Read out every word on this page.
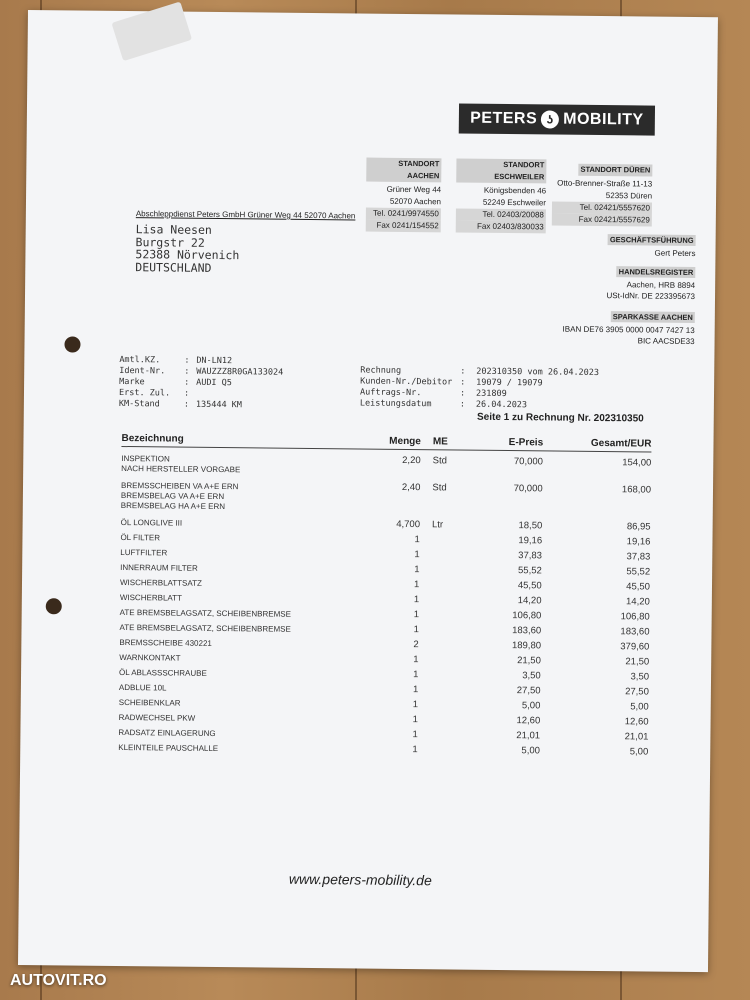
PETERS ʖ MOBILITY
STANDORT AACHEN
Grüner Weg 44
52070 Aachen
Tel. 0241/9974550
Fax 0241/154552
STANDORT ESCHWEILER
Königsbenden 46
52249 Eschweiler
Tel. 02403/20088
Fax 02403/830033
STANDORT DÜREN
Otto-Brenner-Straße 11-13
52353 Düren
Tel. 02421/5557620
Fax 02421/5557629
GESCHÄFTSFÜHRUNG
Gert Peters
HANDELSREGISTER
Aachen, HRB 8894
USt-IdNr. DE 223395673
SPARKASSE AACHEN
IBAN DE76 3905 0000 0047 7427 13
BIC AACSDE33
Abschleppdienst Peters GmbH Grüner Weg 44 52070 Aachen
Lisa Neesen
Burgstr 22
52388 Nörvenich
DEUTSCHLAND
Amtl.KZ.	: DN-LN12
Ident-Nr.	: WAUZZZ8R0GA133024
Marke	: AUDI Q5
Erst. Zul.	:
KM-Stand	: 135444 KM
Rechnung	:	202310350 vom 26.04.2023
Kunden-Nr./Debitor :	19079 / 19079
Auftrags-Nr.	:	231809
Leistungsdatum	:	26.04.2023
Seite 1 zu Rechnung Nr. 202310350
Bezeichnung	Menge	ME	E-Preis	Gesamt/EUR
INSPEKTION
NACH HERSTELLER VORGABE
2,20	Std	70,000	154,00
BREMSSCHEIBEN VA A+E ERN
BREMSBELAG VA A+E ERN
BREMSBELAG HA A+E ERN
2,40	Std	70,000	168,00
ÖL LONGLIVE III	4,700	Ltr	18,50	86,95
ÖL FILTER	1	19,16	19,16
LUFTFILTER	1	37,83	37,83
INNERRAUM FILTER	1	55,52	55,52
WISCHERBLATTSATZ	1	45,50	45,50
WISCHERBLATT	1	14,20	14,20
ATE BREMSBELAGSATZ, SCHEIBENBREMSE	1	106,80	106,80
ATE BREMSBELAGSATZ, SCHEIBENBREMSE	1	183,60	183,60
BREMSSCHEIBE 430221	2	189,80	379,60
WARNKONTAKT	1	21,50	21,50
ÖL ABLASSSCHRAUBE	1	3,50	3,50
ADBLUE 10L	1	27,50	27,50
SCHEIBENKLAR	1	5,00	5,00
RADWECHSEL PKW	1	12,60	12,60
RADSATZ EINLAGERUNG	1	21,01	21,01
KLEINTEILE PAUSCHALLE	1	5,00	5,00
www.peters-mobility.de
AUTOVIT.RO
